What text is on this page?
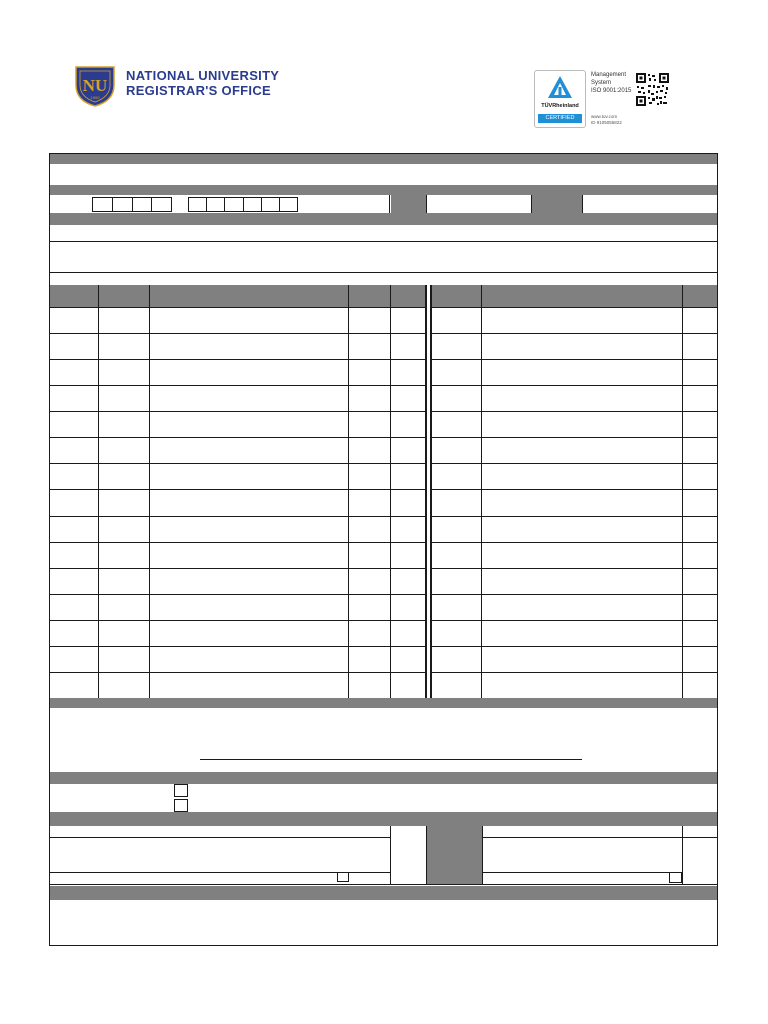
NU
1900
NATIONAL UNIVERSITY
REGISTRAR'S OFFICE
TÜVRheinland
CERTIFIED
Management
System
ISO 9001:2015
www.tuv.com
ID 9105056822
